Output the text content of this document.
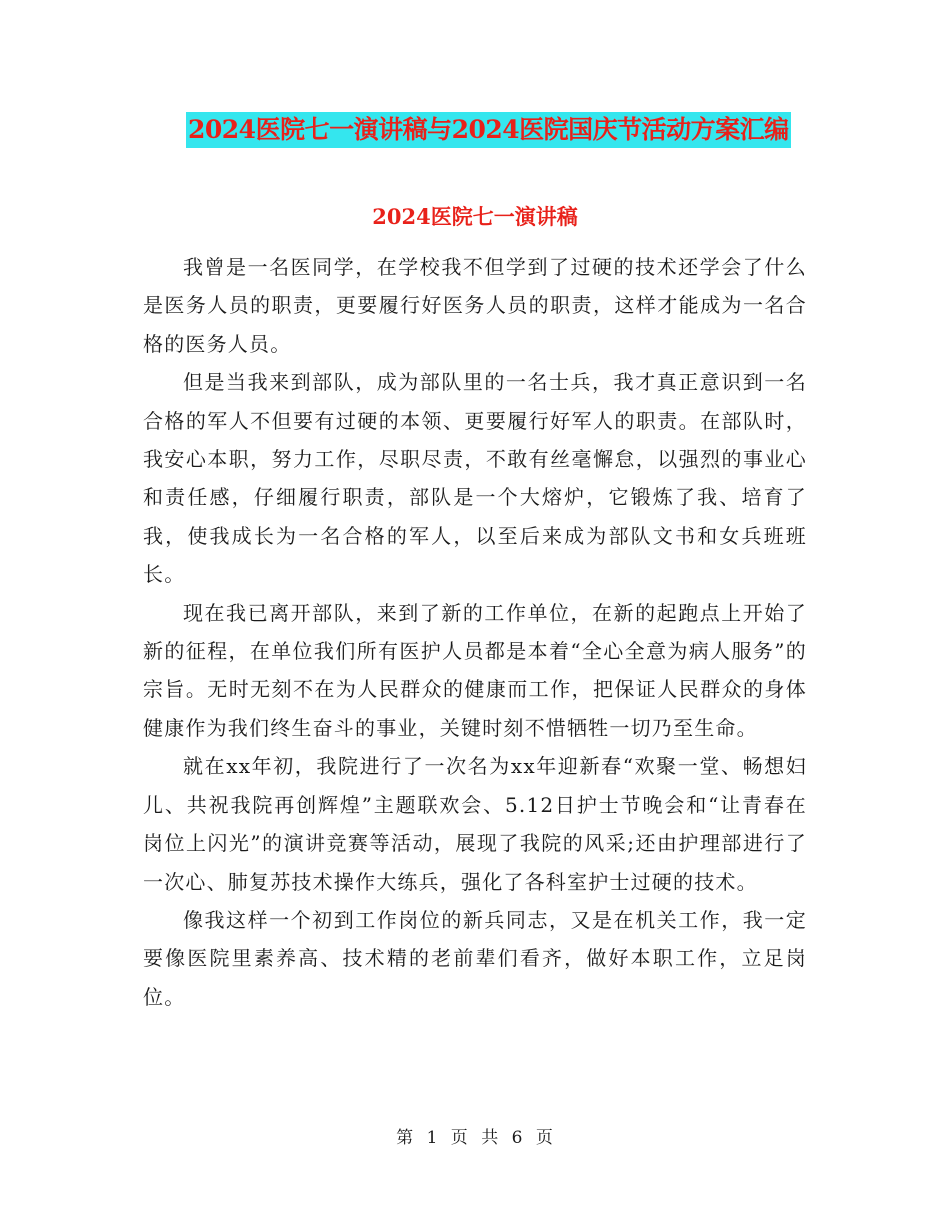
2024医院七一演讲稿与2024医院国庆节活动方案汇编
2024医院七一演讲稿

我曾是一名医同学，在学校我不但学到了过硬的技术还学会了什么是医务人员的职责，更要履行好医务人员的职责，这样才能成为一名合格的医务人员。

但是当我来到部队，成为部队里的一名士兵，我才真正意识到一名合格的军人不但要有过硬的本领、更要履行好军人的职责。在部队时，我安心本职，努力工作，尽职尽责，不敢有丝毫懈怠，以强烈的事业心和责任感，仔细履行职责，部队是一个大熔炉，它锻炼了我、培育了我，使我成长为一名合格的军人，以至后来成为部队文书和女兵班班长。

现在我已离开部队，来到了新的工作单位，在新的起跑点上开始了新的征程，在单位我们所有医护人员都是本着“全心全意为病人服务”的宗旨。无时无刻不在为人民群众的健康而工作，把保证人民群众的身体健康作为我们终生奋斗的事业，关键时刻不惜牺牲一切乃至生命。

就在xx年初，我院进行了一次名为xx年迎新春“欢聚一堂、畅想妇儿、共祝我院再创辉煌”主题联欢会、5.12日护士节晚会和“让青春在岗位上闪光”的演讲竞赛等活动，展现了我院的风采;还由护理部进行了一次心、肺复苏技术操作大练兵，强化了各科室护士过硬的技术。

像我这样一个初到工作岗位的新兵同志，又是在机关工作，我一定要像医院里素养高、技术精的老前辈们看齐，做好本职工作，立足岗位。

第 1 页 共 6 页
